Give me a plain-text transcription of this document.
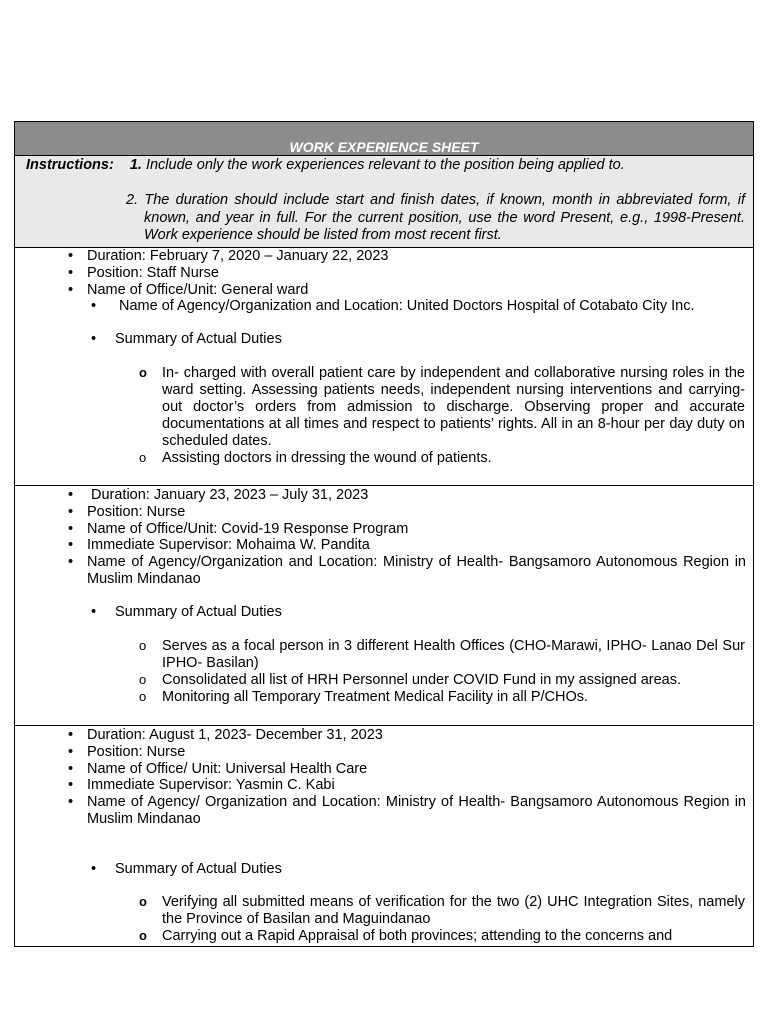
WORK EXPERIENCE SHEET
Instructions: 1. Include only the work experiences relevant to the position being applied to.
2. The duration should include start and finish dates, if known, month in abbreviated form, if known, and year in full. For the current position, use the word Present, e.g., 1998-Present. Work experience should be listed from most recent first.
• Duration: February 7, 2020 – January 22, 2023
• Position: Staff Nurse
• Name of Office/Unit: General ward
• Name of Agency/Organization and Location: United Doctors Hospital of Cotabato City Inc.
• Summary of Actual Duties
o In- charged with overall patient care by independent and collaborative nursing roles in the ward setting. Assessing patients needs, independent nursing interventions and carrying-out doctor’s orders from admission to discharge. Observing proper and accurate documentations at all times and respect to patients’ rights. All in an 8-hour per day duty on scheduled dates.
o Assisting doctors in dressing the wound of patients.
• Duration: January 23, 2023 – July 31, 2023
• Position: Nurse
• Name of Office/Unit: Covid-19 Response Program
• Immediate Supervisor: Mohaima W. Pandita
• Name of Agency/Organization and Location: Ministry of Health- Bangsamoro Autonomous Region in Muslim Mindanao
• Summary of Actual Duties
o Serves as a focal person in 3 different Health Offices (CHO-Marawi, IPHO- Lanao Del Sur IPHO- Basilan)
o Consolidated all list of HRH Personnel under COVID Fund in my assigned areas.
o Monitoring all Temporary Treatment Medical Facility in all P/CHOs.
• Duration: August 1, 2023- December 31, 2023
• Position: Nurse
• Name of Office/ Unit: Universal Health Care
• Immediate Supervisor: Yasmin C. Kabi
• Name of Agency/ Organization and Location: Ministry of Health- Bangsamoro Autonomous Region in Muslim Mindanao
• Summary of Actual Duties
o Verifying all submitted means of verification for the two (2) UHC Integration Sites, namely the Province of Basilan and Maguindanao
o Carrying out a Rapid Appraisal of both provinces; attending to the concerns and
